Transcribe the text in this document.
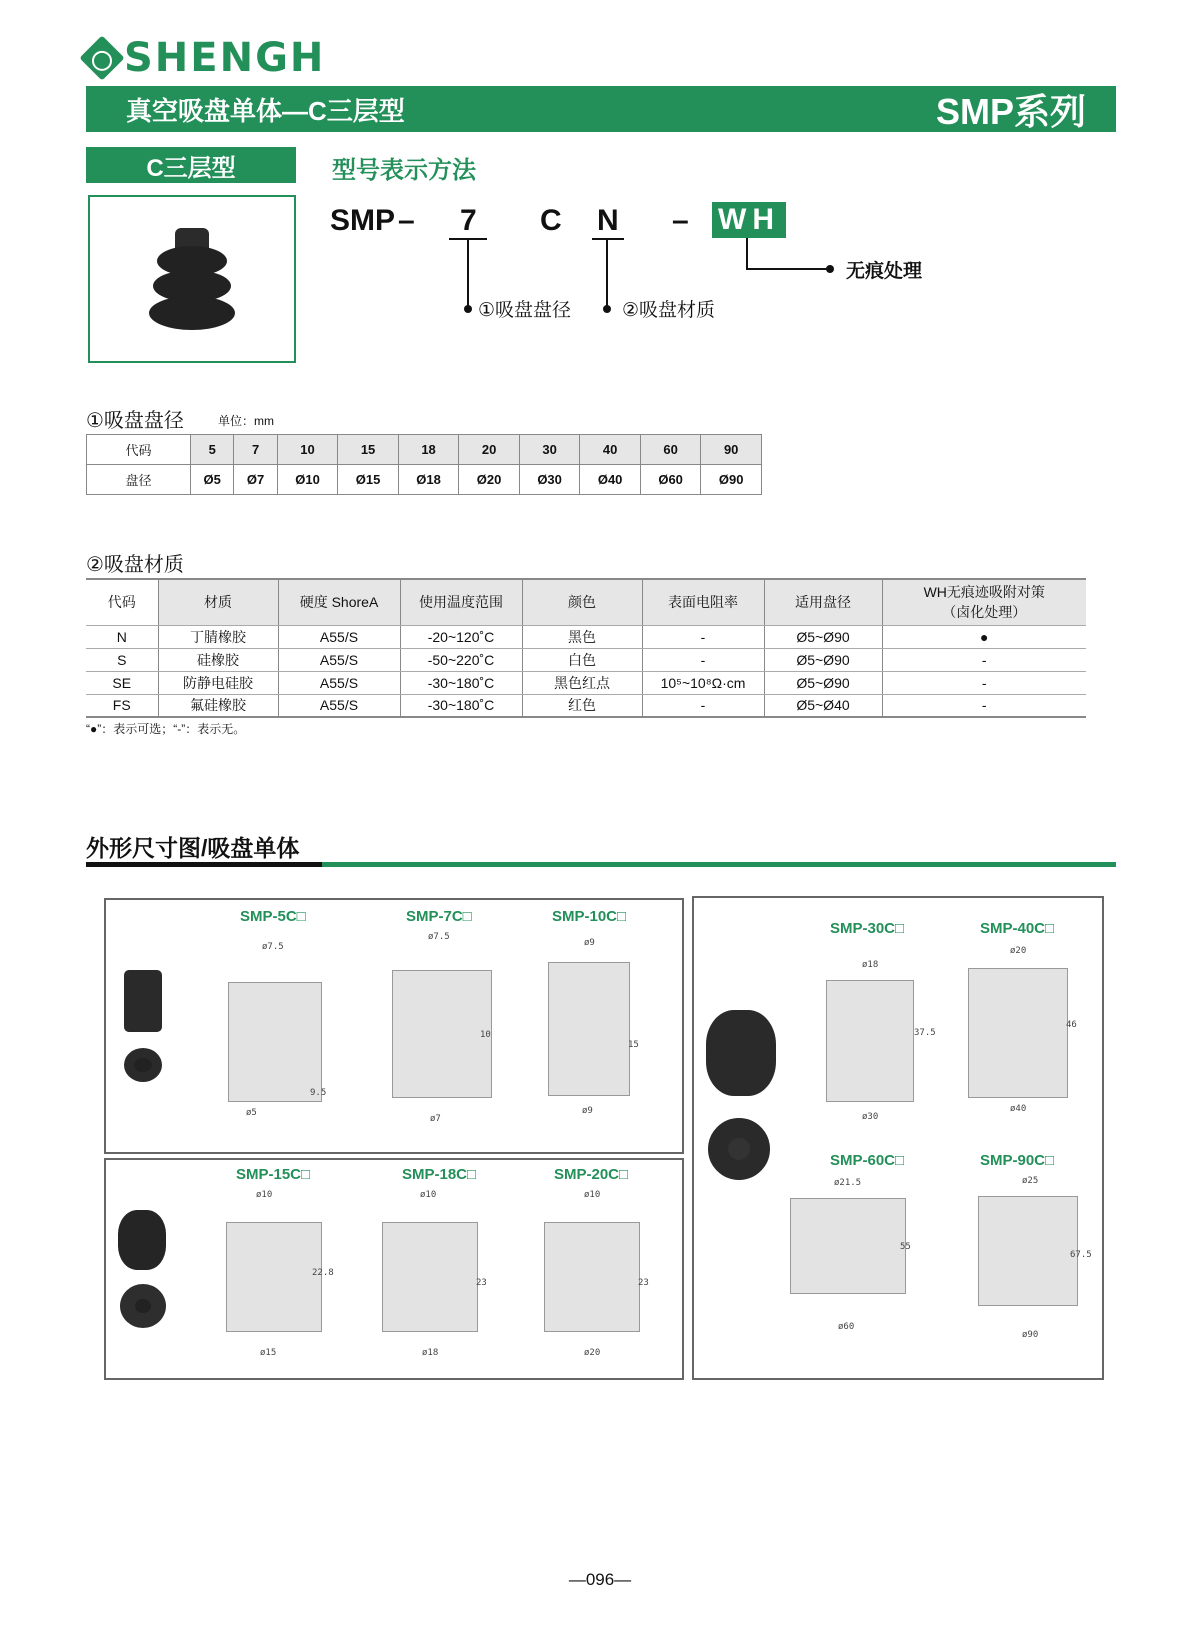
SHENGH
真空吸盘单体—C三层型	SMP系列
C三层型	型号表示方法
SMP – 7 C N – WH
①吸盘盘径	②吸盘材质
无痕处理
①吸盘盘径	单位：mm
代码	5	7	10	15	18	20	30	40	60	90
盘径	Ø5	Ø7	Ø10	Ø15	Ø18	Ø20	Ø30	Ø40	Ø60	Ø90
②吸盘材质
代码	材质	硬度 ShoreA	使用温度范围	颜色	表面电阻率	适用盘径	WH无痕迹吸附对策
（卤化处理）

N	丁腈橡胶	A55/S	-20~120˚C	黑色	-	Ø5~Ø90	●
S	硅橡胶	A55/S	-50~220˚C	白色	-	Ø5~Ø90	-
SE	防静电硅胶	A55/S	-30~180˚C	黑色红点	10⁵~10⁸Ω·cm	Ø5~Ø90	-
FS	氟硅橡胶	A55/S	-30~180˚C	红色	-	Ø5~Ø40	-
“●”：表示可选；“-”：表示无。
外形尺寸图/吸盘单体
SMP-5C□
ø7.5
9.5
ø5
SMP-7C□
ø7.5
10
ø7
SMP-10C□
ø9
15
ø9
SMP-15C□
ø10
22.8
ø15
SMP-18C□
ø10
23
ø18
SMP-20C□
ø10
23
ø20
SMP-30C□
ø18
37.5
ø30
SMP-40C□
ø20
46
ø40
SMP-60C□
ø21.5
55
ø60
SMP-90C□
ø25
67.5
ø90
—096—
